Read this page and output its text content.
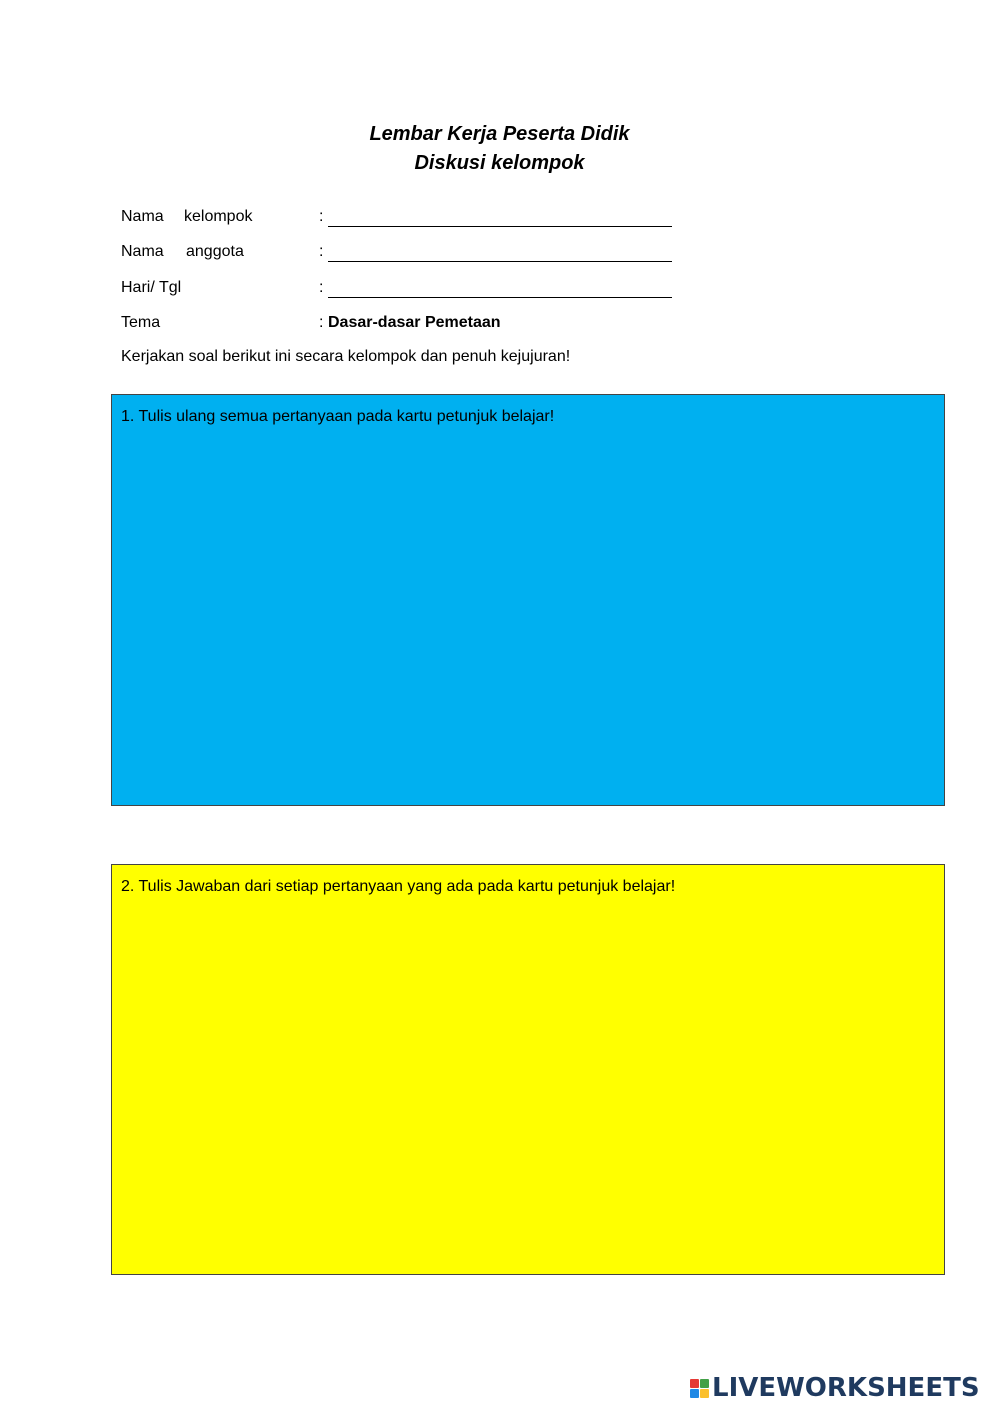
Lembar Kerja Peserta Didik
Diskusi kelompok
Nama kelompok	:
Nama anggota	:
Hari/ Tgl	:
Tema	: Dasar-dasar Pemetaan
Kerjakan soal berikut ini secara kelompok dan penuh kejujuran!
1. Tulis ulang semua pertanyaan pada kartu petunjuk belajar!
2. Tulis Jawaban dari setiap pertanyaan yang ada pada kartu petunjuk belajar!
LIVEWORKSHEETS
